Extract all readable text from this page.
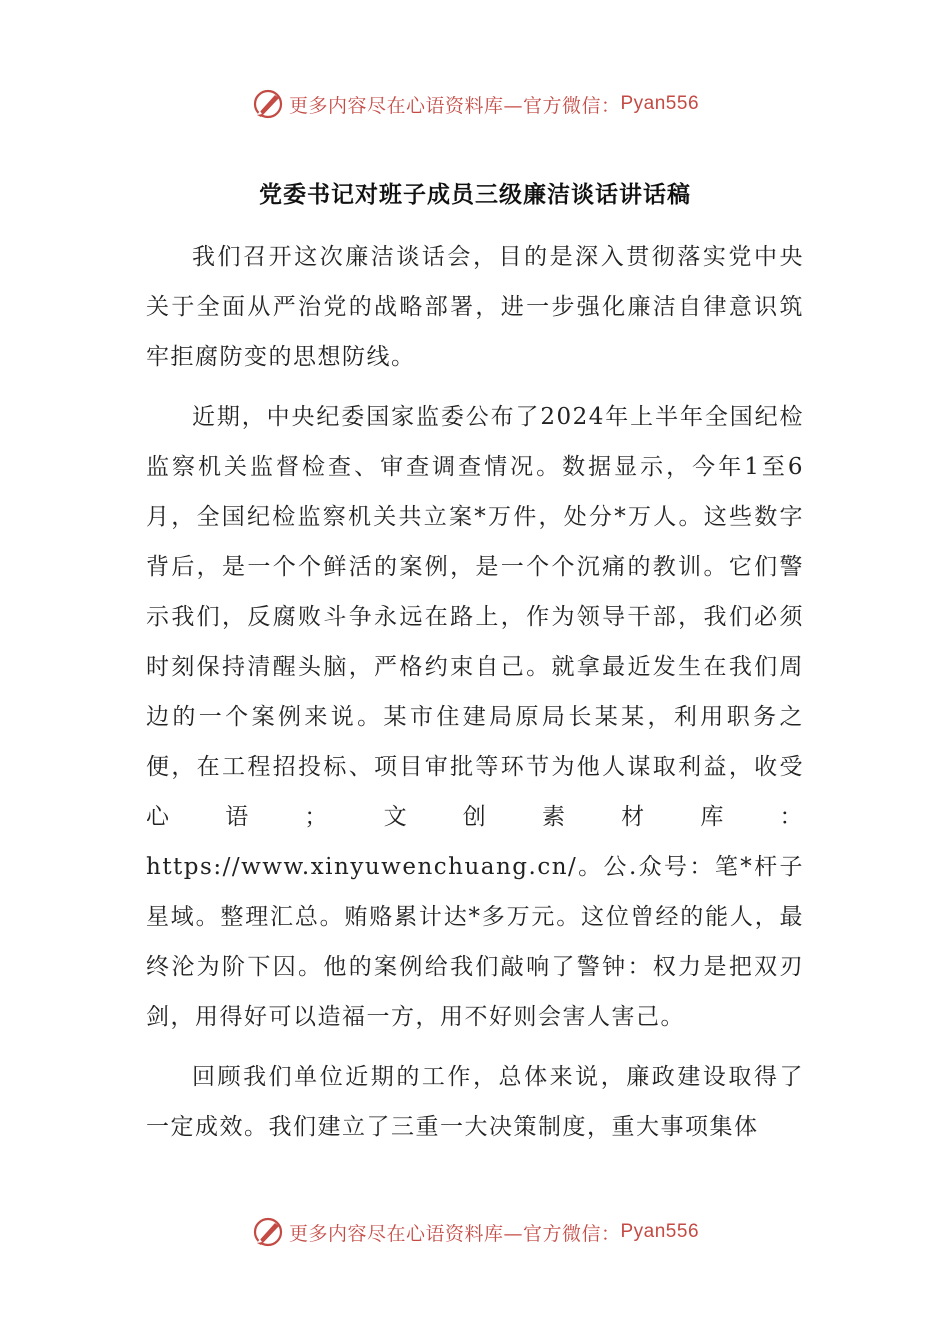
更多内容尽在心语资料库—官方微信： Pyan556
党委书记对班子成员三级廉洁谈话讲话稿

我们召开这次廉洁谈话会，目的是深入贯彻落实党中央关于全面从严治党的战略部署，进一步强化廉洁自律意识筑牢拒腐防变的思想防线。

近期，中央纪委国家监委公布了2024年上半年全国纪检监察机关监督检查、审查调查情况。数据显示，今年1至6月，全国纪检监察机关共立案*万件，处分*万人。这些数字背后，是一个个鲜活的案例，是一个个沉痛的教训。它们警示我们，反腐败斗争永远在路上，作为领导干部，我们必须时刻保持清醒头脑，严格约束自己。就拿最近发生在我们周边的一个案例来说。某市住建局原局长某某，利用职务之便，在工程招投标、项目审批等环节为他人谋取利益，收受心语；文创素材库：https://www.xinyuwenchuang.cn/。公.众号：笔*杆子星域。整理汇总。贿赂累计达*多万元。这位曾经的能人，最终沦为阶下囚。他的案例给我们敲响了警钟：权力是把双刃剑，用得好可以造福一方，用不好则会害人害己。

回顾我们单位近期的工作，总体来说，廉政建设取得了一定成效。我们建立了三重一大决策制度，重大事项集体

更多内容尽在心语资料库—官方微信： Pyan556
